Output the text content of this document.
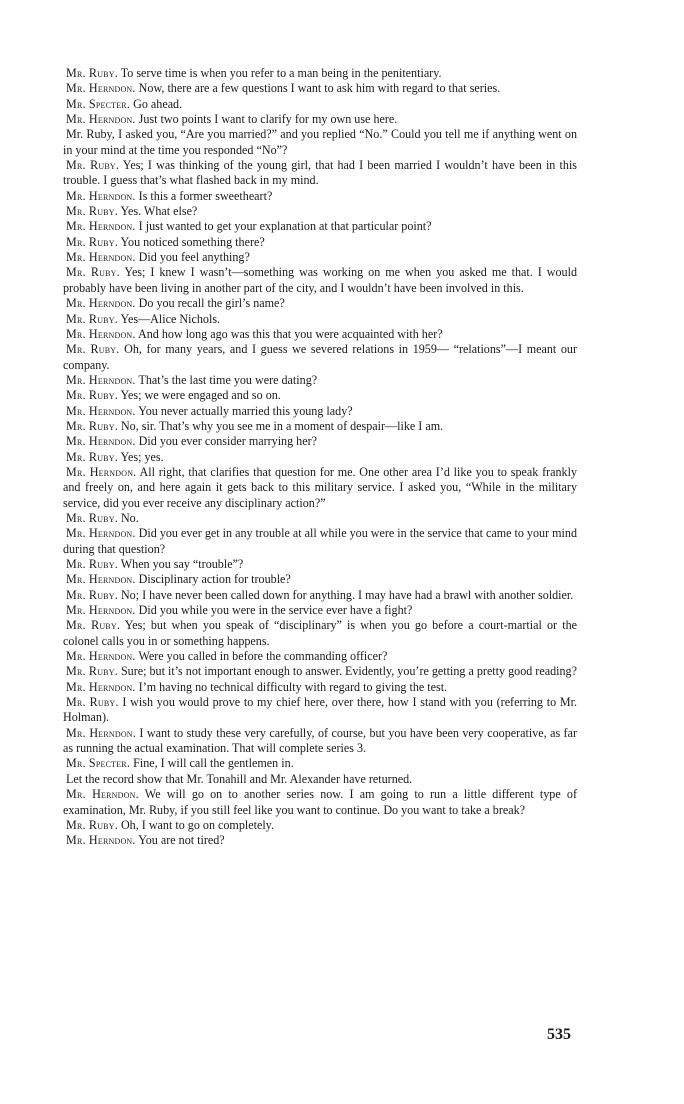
Mr. Ruby. To serve time is when you refer to a man being in the penitentiary.

Mr. Herndon. Now, there are a few questions I want to ask him with regard to that series.

Mr. Specter. Go ahead.

Mr. Herndon. Just two points I want to clarify for my own use here.

Mr. Ruby, I asked you, “Are you married?” and you replied “No.” Could you tell me if anything went on in your mind at the time you responded “No”?

Mr. Ruby. Yes; I was thinking of the young girl, that had I been married I wouldn’t have been in this trouble. I guess that’s what flashed back in my mind.

Mr. Herndon. Is this a former sweetheart?

Mr. Ruby. Yes. What else?

Mr. Herndon. I just wanted to get your explanation at that particular point?

Mr. Ruby. You noticed something there?

Mr. Herndon. Did you feel anything?

Mr. Ruby. Yes; I knew I wasn’t—something was working on me when you asked me that. I would probably have been living in another part of the city, and I wouldn’t have been involved in this.

Mr. Herndon. Do you recall the girl’s name?

Mr. Ruby. Yes—Alice Nichols.

Mr. Herndon. And how long ago was this that you were acquainted with her?

Mr. Ruby. Oh, for many years, and I guess we severed relations in 1959— “relations”—I meant our company.

Mr. Herndon. That’s the last time you were dating?

Mr. Ruby. Yes; we were engaged and so on.

Mr. Herndon. You never actually married this young lady?

Mr. Ruby. No, sir. That’s why you see me in a moment of despair—like I am.

Mr. Herndon. Did you ever consider marrying her?

Mr. Ruby. Yes; yes.

Mr. Herndon. All right, that clarifies that question for me. One other area I’d like you to speak frankly and freely on, and here again it gets back to this military service. I asked you, “While in the military service, did you ever receive any disciplinary action?”

Mr. Ruby. No.

Mr. Herndon. Did you ever get in any trouble at all while you were in the service that came to your mind during that question?

Mr. Ruby. When you say “trouble”?

Mr. Herndon. Disciplinary action for trouble?

Mr. Ruby. No; I have never been called down for anything. I may have had a brawl with another soldier.

Mr. Herndon. Did you while you were in the service ever have a fight?

Mr. Ruby. Yes; but when you speak of “disciplinary” is when you go before a court-martial or the colonel calls you in or something happens.

Mr. Herndon. Were you called in before the commanding officer?

Mr. Ruby. Sure; but it’s not important enough to answer. Evidently, you’re getting a pretty good reading?

Mr. Herndon. I’m having no technical difficulty with regard to giving the test.

Mr. Ruby. I wish you would prove to my chief here, over there, how I stand with you (referring to Mr. Holman).

Mr. Herndon. I want to study these very carefully, of course, but you have been very cooperative, as far as running the actual examination. That will complete series 3.

Mr. Specter. Fine, I will call the gentlemen in.

Let the record show that Mr. Tonahill and Mr. Alexander have returned.

Mr. Herndon. We will go on to another series now. I am going to run a little different type of examination, Mr. Ruby, if you still feel like you want to continue. Do you want to take a break?

Mr. Ruby. Oh, I want to go on completely.

Mr. Herndon. You are not tired?

535
